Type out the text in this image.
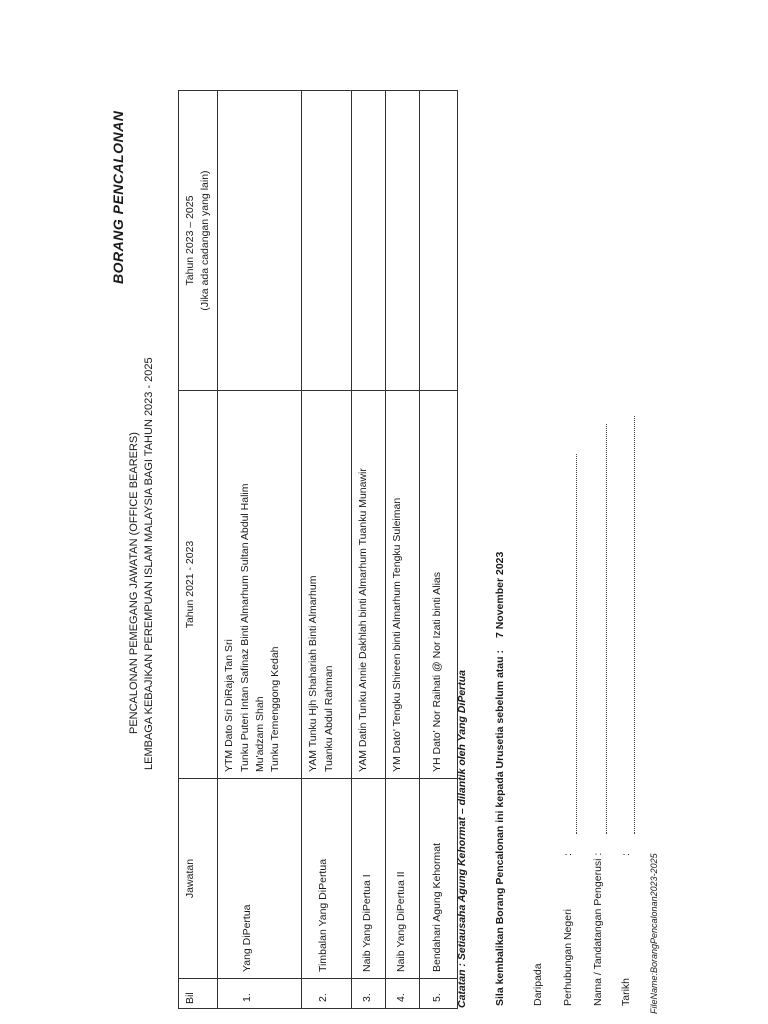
BORANG PENCALONAN
PENCALONAN PEMEGANG JAWATAN (OFFICE BEARERS) LEMBAGA KEBAJIKAN PEREMPUAN ISLAM MALAYSIA BAGI TAHUN 2023 - 2025
Bil	Jawatan	Tahun 2021 - 2023	Tahun 2023 – 2025 (Jika ada cadangan yang lain)

1.	Yang DiPertua	YTM Dato Sri DiRaja Tan Sri Tunku Puteri Intan Safinaz Binti Almarhum Sultan Abdul Halim Mu'adzam Shah Tunku Temenggong Kedah	

2.	Timbalan Yang DiPertua	YAM Tunku Hjh Shahariah Binti Almarhum Tuanku Abdul Rahman	

3.	Naib Yang DiPertua I	YAM Datin Tunku Annie Dakhlah binti Almarhum Tuanku Munawir	

4.	Naib Yang DiPertua II	YM Dato' Tengku Shireen binti Almarhum Tengku Suleiman	

5.	Bendahari Agung Kehormat	YH Dato' Nor Raihati @ Nor Izati binti Alias	
	Catatan : Setiausaha Agung Kehormat – dilantik oleh Yang DiPertua Sila kembalikan Borang Pencalonan ini kepada Urusetia sebelum atau :7 November 2023
Daripada Perhubungan Negeri
: Nama / Tandatangan Pengerusi : Tarikh
: FileName:BorangPencalonan2023-2025
